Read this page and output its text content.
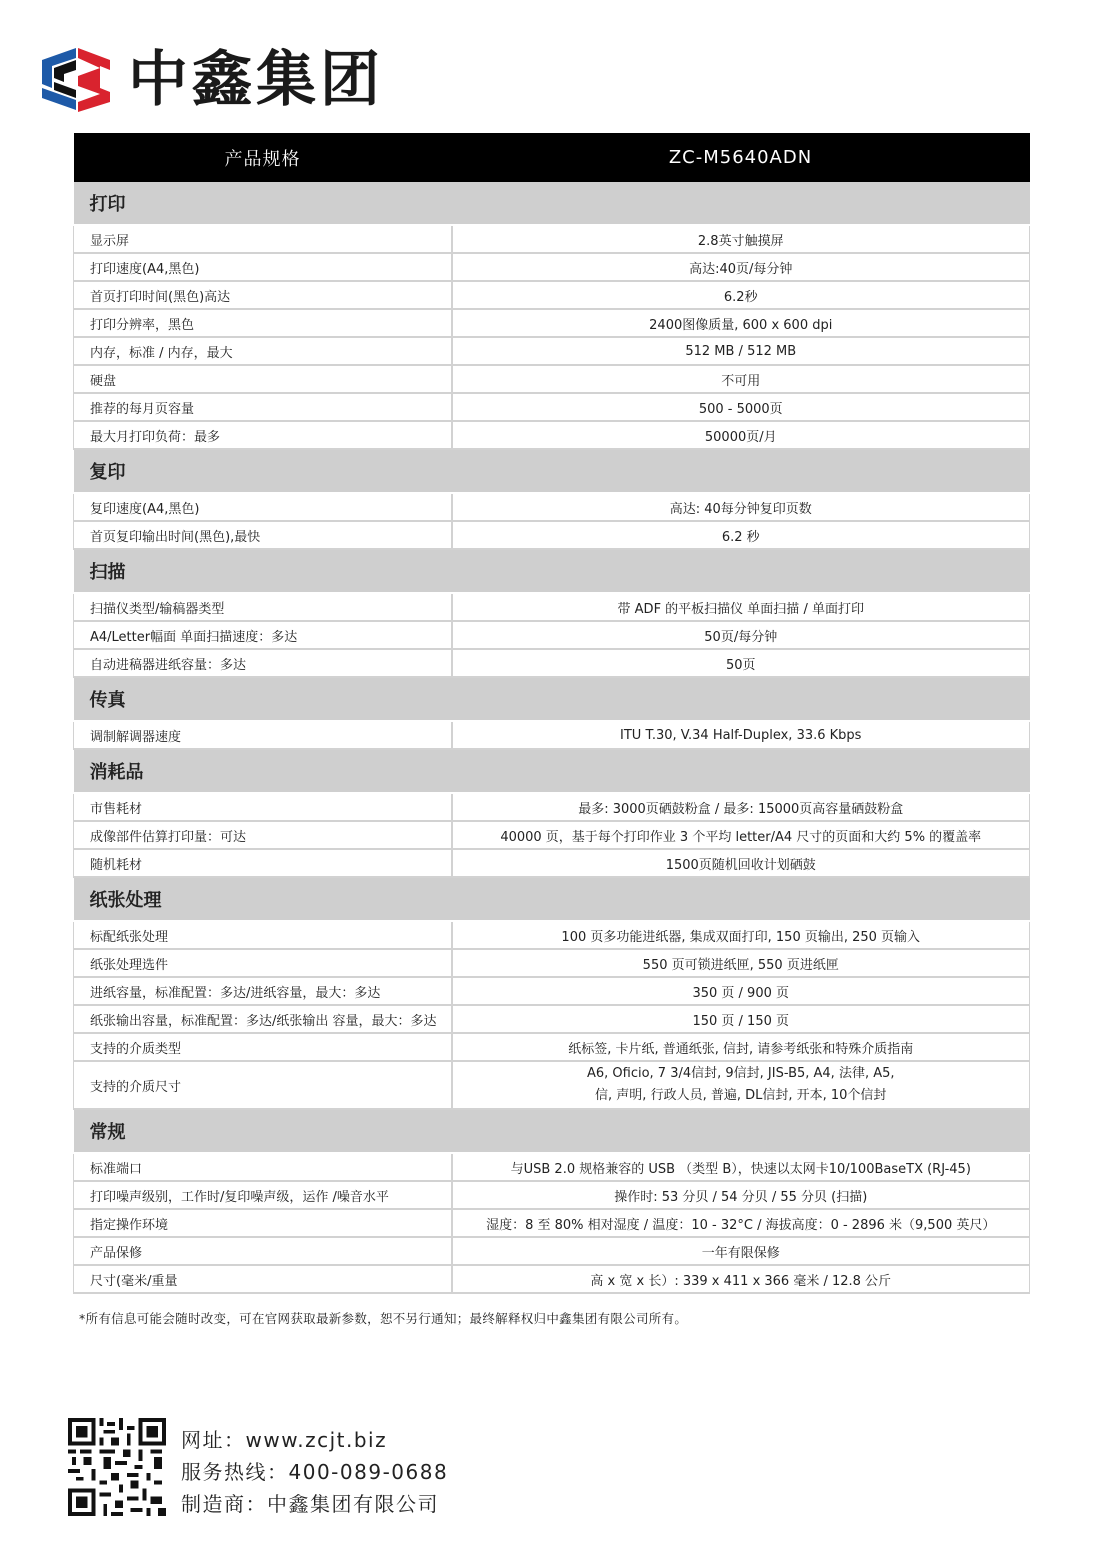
中鑫集团
产品规格	ZC-M5640ADN
打印	
显示屏	2.8英寸触摸屏
打印速度(A4,黑色)	高达:40页/每分钟
首页打印时间(黑色)高达	6.2秒
打印分辨率，黑色	2400图像质量, 600 x 600 dpi
内存，标准 / 内存，最大	512 MB / 512 MB
硬盘	不可用
推荐的每月页容量	500 - 5000页
最大月打印负荷：最多	50000页/月
复印	
复印速度(A4,黑色)	高达: 40每分钟复印页数
首页复印输出时间(黑色),最快	6.2 秒
扫描	
扫描仪类型/输稿器类型	带 ADF 的平板扫描仪 单面扫描 / 单面打印
A4/Letter幅面 单面扫描速度：多达	50页/每分钟
自动进稿器进纸容量：多达	50页
传真	
调制解调器速度	ITU T.30, V.34 Half-Duplex, 33.6 Kbps
消耗品	
市售耗材	最多: 3000页硒鼓粉盒 / 最多: 15000页高容量硒鼓粉盒
成像部件估算打印量：可达	40000 页，基于每个打印作业 3 个平均 letter/A4 尺寸的页面和大约 5% 的覆盖率
随机耗材	1500页随机回收计划硒鼓
纸张处理	
标配纸张处理	100 页多功能进纸器, 集成双面打印, 150 页输出, 250 页输入
纸张处理选件	550 页可锁进纸匣, 550 页进纸匣
进纸容量，标准配置：多达/进纸容量，最大：多达	350 页 / 900 页
纸张输出容量，标准配置：多达/纸张输出 容量，最大：多达	150 页 / 150 页
支持的介质类型	纸标签, 卡片纸, 普通纸张, 信封, 请参考纸张和特殊介质指南
支持的介质尺寸	A6, Oficio, 7 3/4信封, 9信封, JIS-B5, A4, 法律, A5,
信, 声明, 行政人员, 普遍, DL信封, 开本, 10个信封

常规	
标准端口	与USB 2.0 规格兼容的 USB （类型 B），快速以太网卡10/100BaseTX (RJ-45)
打印噪声级别，工作时/复印噪声级，运作 /噪音水平	操作时: 53 分贝 / 54 分贝 / 55 分贝 (扫描)
指定操作环境	湿度：8 至 80% 相对湿度 / 温度：10 - 32°C / 海拔高度：0 - 2896 米（9,500 英尺）
产品保修	一年有限保修
尺寸(毫米/重量	高 x 宽 x 长）: 339 x 411 x 366 毫米 / 12.8 公斤
*所有信息可能会随时改变，可在官网获取最新参数，恕不另行通知；最终解释权归中鑫集团有限公司所有。
网址：www.zcjt.biz
服务热线：400-089-0688
制造商：中鑫集团有限公司
